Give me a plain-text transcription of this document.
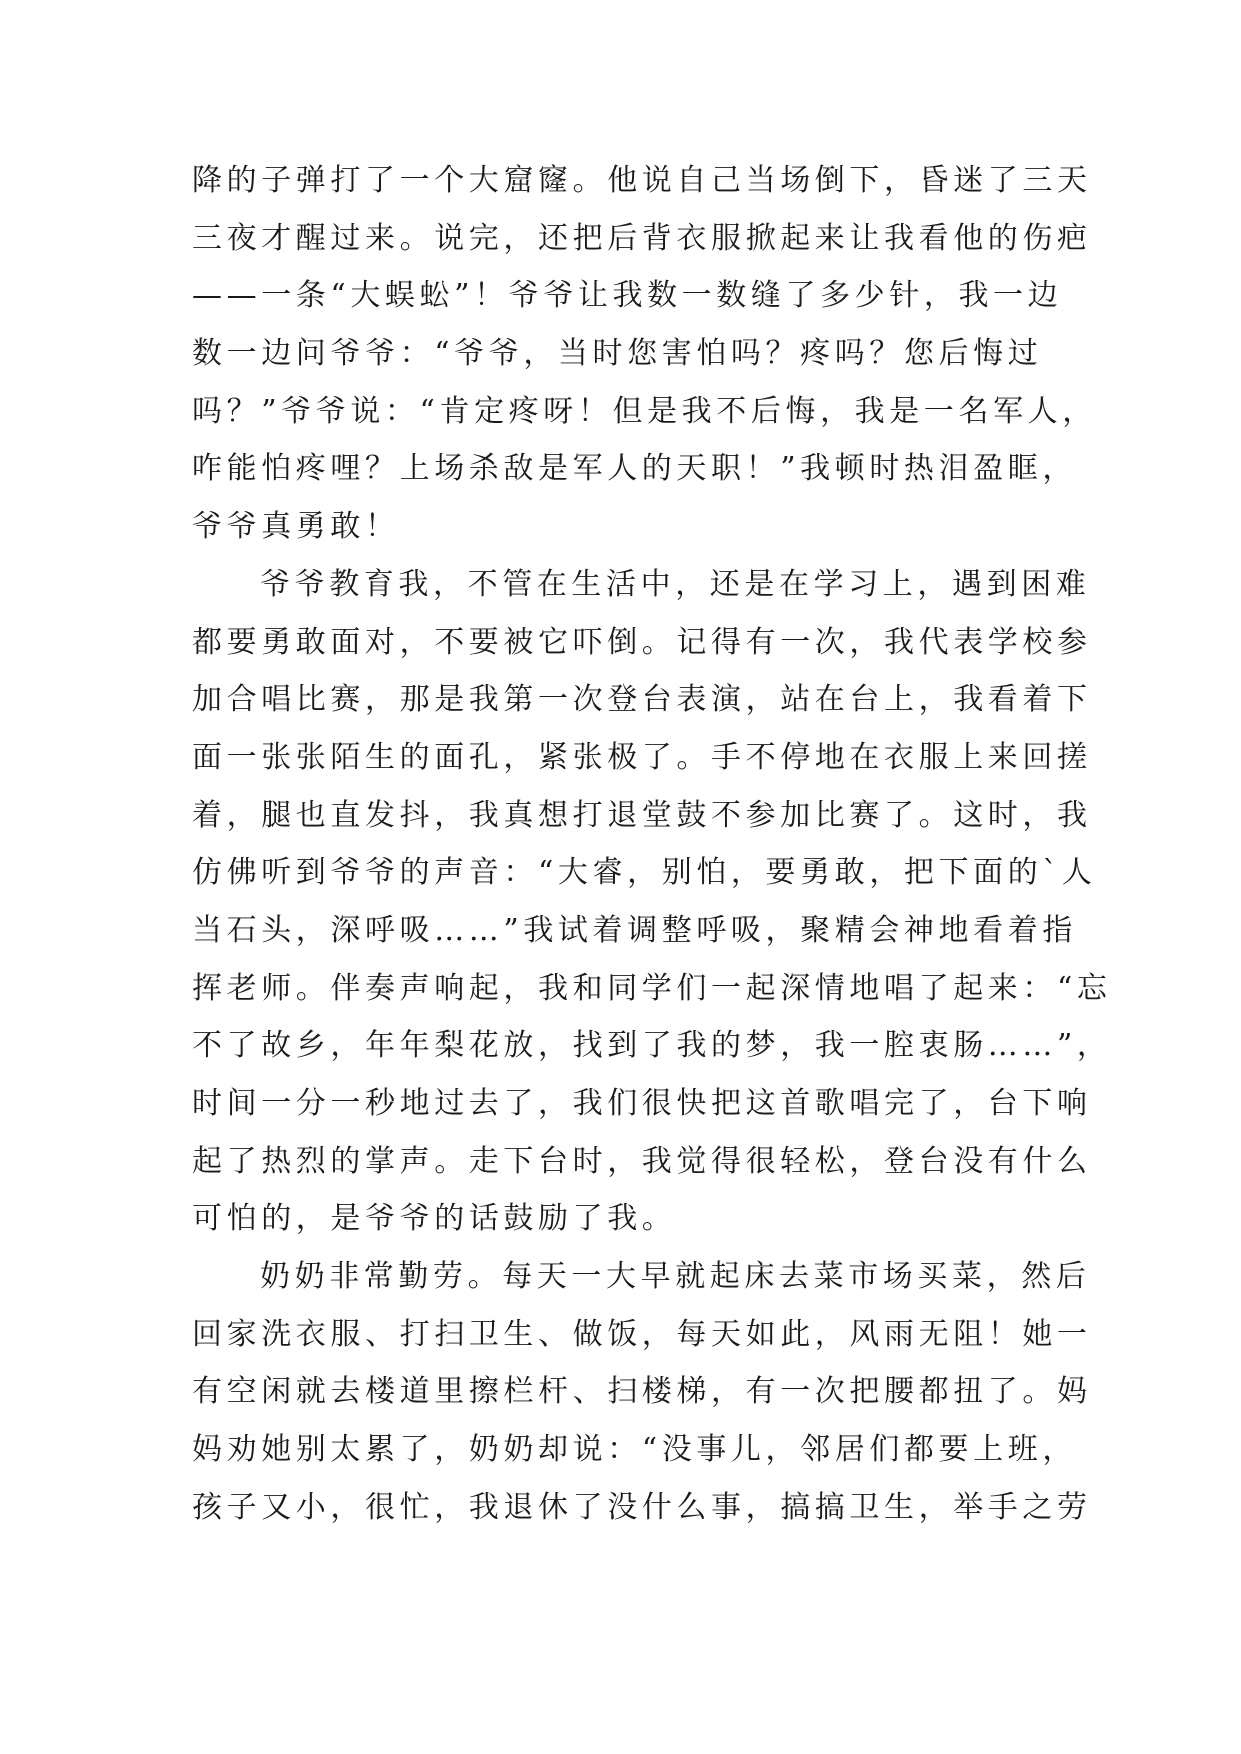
降的子弹打了一个大窟窿。他说自己当场倒下，昏迷了三天
三夜才醒过来。说完，还把后背衣服掀起来让我看他的伤疤
——一条“大蜈蚣”！爷爷让我数一数缝了多少针，我一边
数一边问爷爷：“爷爷，当时您害怕吗？疼吗？您后悔过
吗？”爷爷说：“肯定疼呀！但是我不后悔，我是一名军人，
咋能怕疼哩？上场杀敌是军人的天职！”我顿时热泪盈眶，
爷爷真勇敢！
爷爷教育我，不管在生活中，还是在学习上，遇到困难
都要勇敢面对，不要被它吓倒。记得有一次，我代表学校参
加合唱比赛，那是我第一次登台表演，站在台上，我看着下
面一张张陌生的面孔，紧张极了。手不停地在衣服上来回搓
着，腿也直发抖，我真想打退堂鼓不参加比赛了。这时，我
仿佛听到爷爷的声音：“大睿，别怕，要勇敢，把下面的`人
当石头，深呼吸……”我试着调整呼吸，聚精会神地看着指
挥老师。伴奏声响起，我和同学们一起深情地唱了起来：“忘
不了故乡，年年梨花放，找到了我的梦，我一腔衷肠……”，
时间一分一秒地过去了，我们很快把这首歌唱完了，台下响
起了热烈的掌声。走下台时，我觉得很轻松，登台没有什么
可怕的，是爷爷的话鼓励了我。
奶奶非常勤劳。每天一大早就起床去菜市场买菜，然后
回家洗衣服、打扫卫生、做饭，每天如此，风雨无阻！她一
有空闲就去楼道里擦栏杆、扫楼梯，有一次把腰都扭了。妈
妈劝她别太累了，奶奶却说：“没事儿，邻居们都要上班，
孩子又小，很忙，我退休了没什么事，搞搞卫生，举手之劳
